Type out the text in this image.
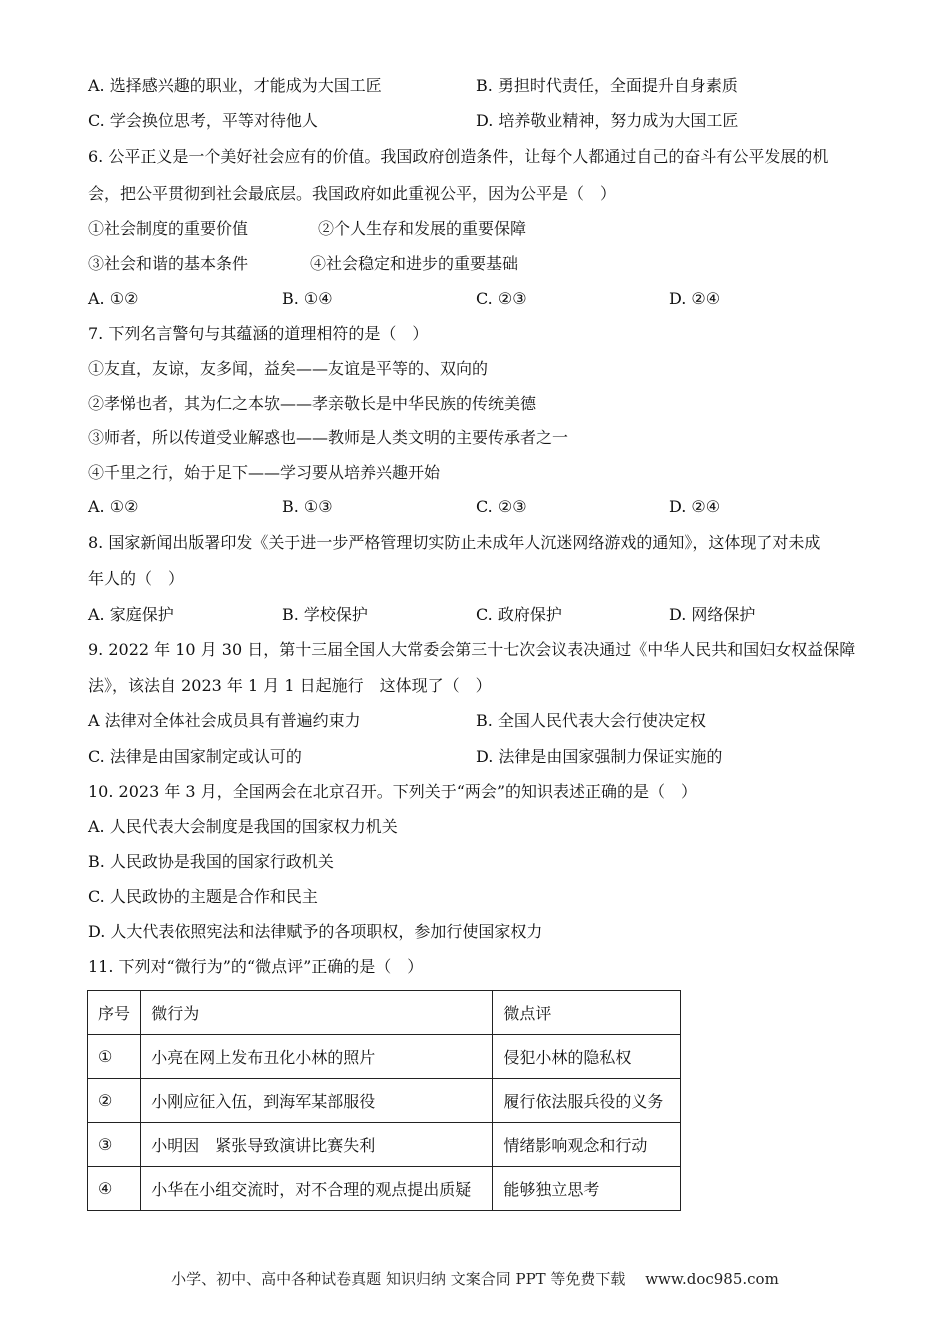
A. 选择感兴趣的职业，才能成为大国工匠	B. 勇担时代责任，全面提升自身素质
C. 学会换位思考，平等对待他人	D. 培养敬业精神，努力成为大国工匠
6. 公平正义是一个美好社会应有的价值。我国政府创造条件，让每个人都通过自己的奋斗有公平发展的机
会，把公平贯彻到社会最底层。我国政府如此重视公平，因为公平是（　）
①社会制度的重要价值	②个人生存和发展的重要保障
③社会和谐的基本条件	④社会稳定和进步的重要基础
A. ①②	B. ①④	C. ②③	D. ②④
7. 下列名言警句与其蕴涵的道理相符的是（　）
①友直，友谅，友多闻，益矣——友谊是平等的、双向的
②孝悌也者，其为仁之本欤——孝亲敬长是中华民族的传统美德
③师者，所以传道受业解惑也——教师是人类文明的主要传承者之一
④千里之行，始于足下——学习要从培养兴趣开始
A. ①②	B. ①③	C. ②③	D. ②④
8. 国家新闻出版署印发《关于进一步严格管理切实防止未成年人沉迷网络游戏的通知》，这体现了对未成
年人的（　）
A. 家庭保护	B. 学校保护	C. 政府保护	D. 网络保护
9. 2022 年 10 月 30 日，第十三届全国人大常委会第三十七次会议表决通过《中华人民共和国妇女权益保障
法》，该法自 2023 年 1 月 1 日起施行　这体现了（　）
A 法律对全体社会成员具有普遍约束力	B. 全国人民代表大会行使决定权
C. 法律是由国家制定或认可的	D. 法律是由国家强制力保证实施的
10. 2023 年 3 月，全国两会在北京召开。下列关于“两会”的知识表述正确的是（　）
A. 人民代表大会制度是我国的国家权力机关
B. 人民政协是我国的国家行政机关
C. 人民政协的主题是合作和民主
D. 人大代表依照宪法和法律赋予的各项职权，参加行使国家权力
11. 下列对“微行为”的“微点评”正确的是（　）
序号	微行为	微点评
①	小亮在网上发布丑化小林的照片	侵犯小林的隐私权
②	小刚应征入伍，到海军某部服役	履行依法服兵役的义务
③	小明因　紧张导致演讲比赛失利	情绪影响观念和行动
④	小华在小组交流时，对不合理的观点提出质疑	能够独立思考
小学、初中、高中各种试卷真题 知识归纳 文案合同 PPT 等免费下载　 www.doc985.com
